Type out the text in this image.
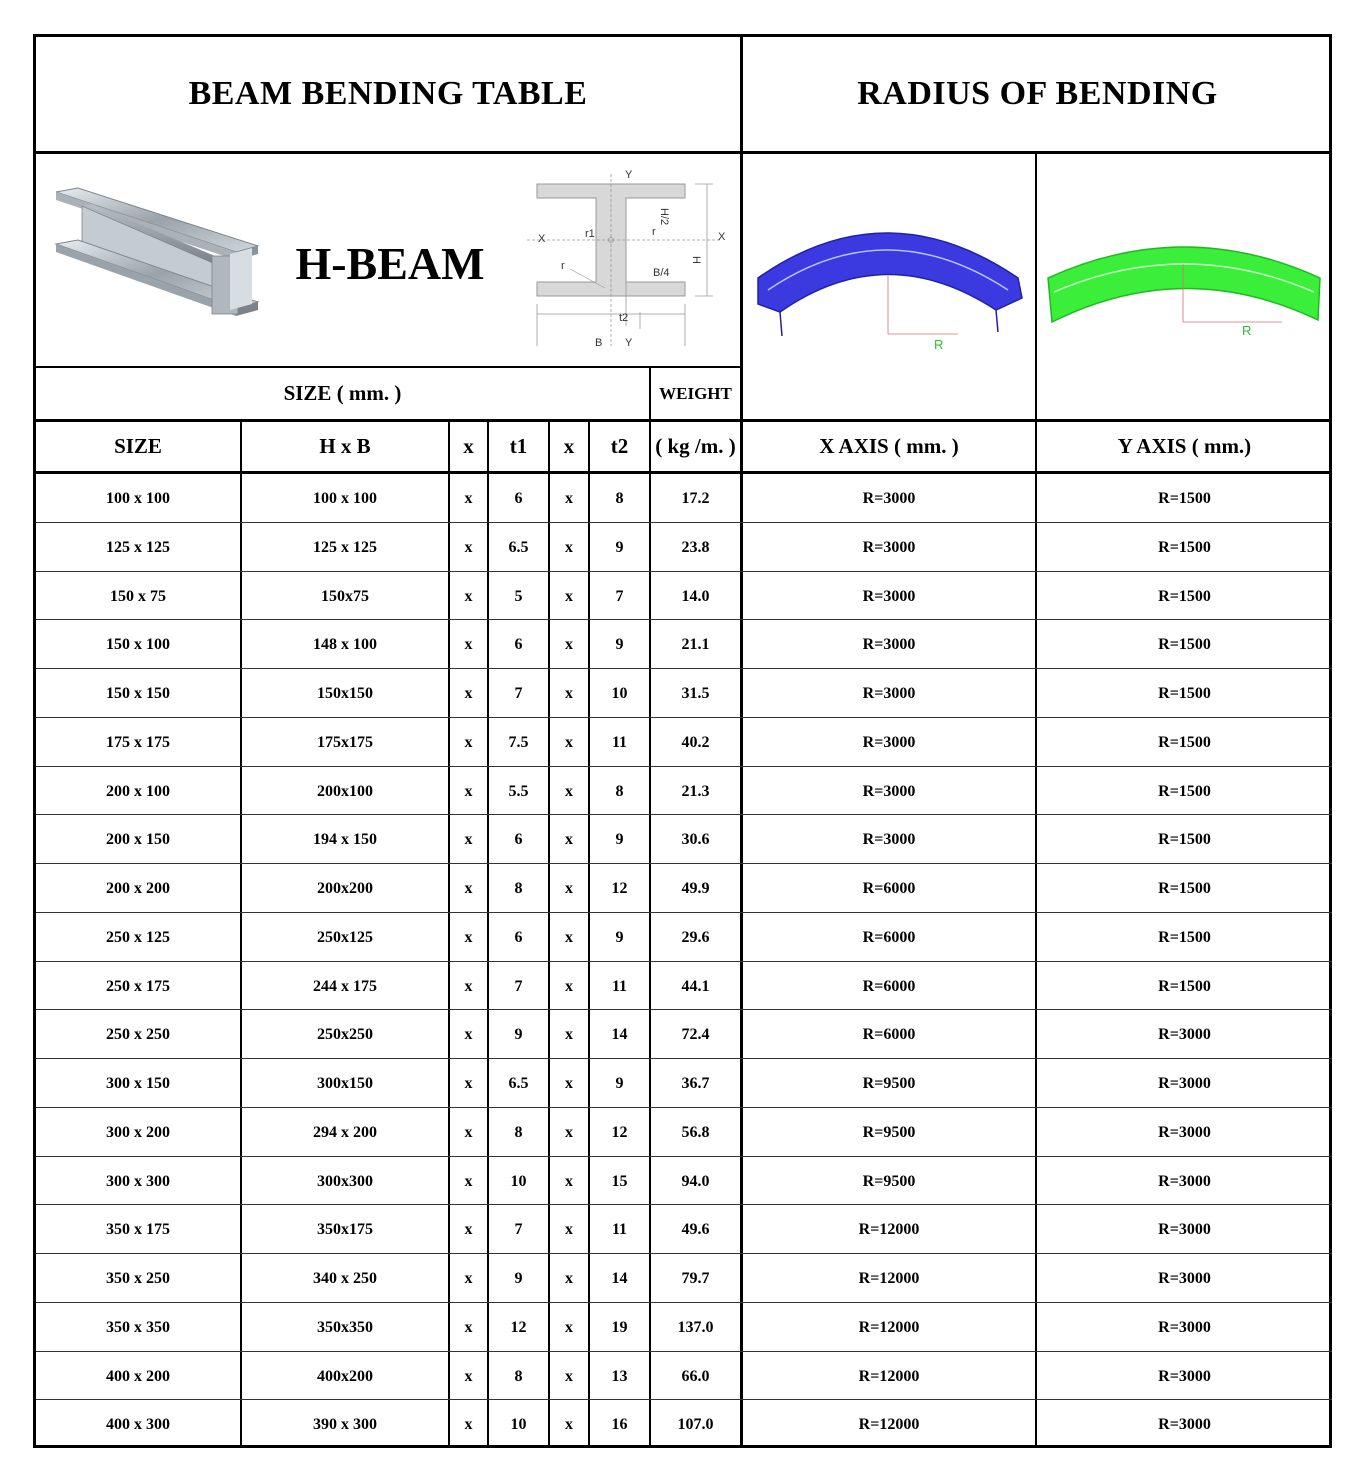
BEAM BENDING TABLE	RADIUS OF BENDING
H-BEAM
Y
Y
X	X
r1	r
r
H/2
H
B/4
t2
B	R
R
SIZE ( mm. )	WEIGHT
SIZE	H x B	x	t1	x	t2	( kg /m. )	X AXIS ( mm. )	Y AXIS ( mm.)
100 x 100	100 x 100	x	6	x	8	17.2	R=3000	R=1500
125 x 125	125 x 125	x	6.5	x	9	23.8	R=3000	R=1500
150 x 75	150x75	x	5	x	7	14.0	R=3000	R=1500
150 x 100	148 x 100	x	6	x	9	21.1	R=3000	R=1500
150 x 150	150x150	x	7	x	10	31.5	R=3000	R=1500
175 x 175	175x175	x	7.5	x	11	40.2	R=3000	R=1500
200 x 100	200x100	x	5.5	x	8	21.3	R=3000	R=1500
200 x 150	194 x 150	x	6	x	9	30.6	R=3000	R=1500
200 x 200	200x200	x	8	x	12	49.9	R=6000	R=1500
250 x 125	250x125	x	6	x	9	29.6	R=6000	R=1500
250 x 175	244 x 175	x	7	x	11	44.1	R=6000	R=1500
250 x 250	250x250	x	9	x	14	72.4	R=6000	R=3000
300 x 150	300x150	x	6.5	x	9	36.7	R=9500	R=3000
300 x 200	294 x 200	x	8	x	12	56.8	R=9500	R=3000
300 x 300	300x300	x	10	x	15	94.0	R=9500	R=3000
350 x 175	350x175	x	7	x	11	49.6	R=12000	R=3000
350 x 250	340 x 250	x	9	x	14	79.7	R=12000	R=3000
350 x 350	350x350	x	12	x	19	137.0	R=12000	R=3000
400 x 200	400x200	x	8	x	13	66.0	R=12000	R=3000
400 x 300	390 x 300	x	10	x	16	107.0	R=12000	R=3000
